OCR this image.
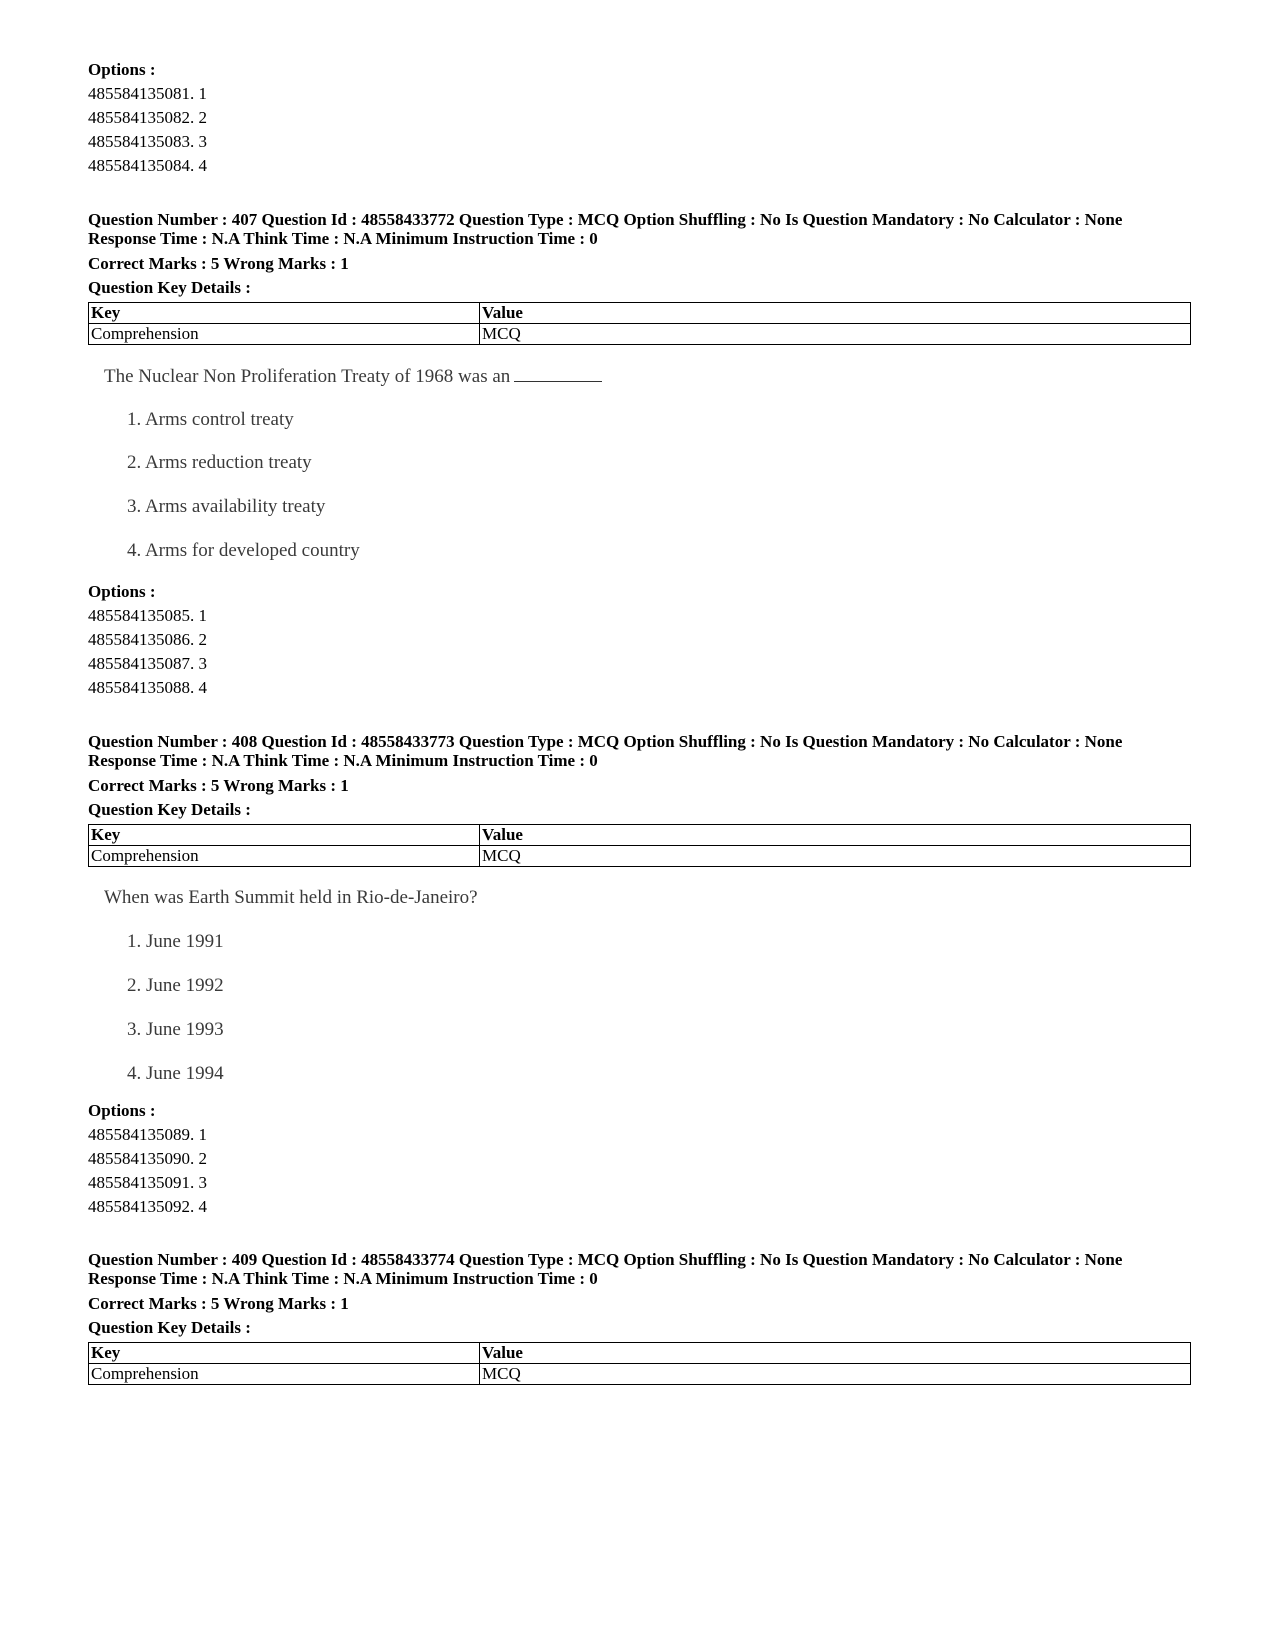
Options :
485584135081. 1
485584135082. 2
485584135083. 3
485584135084. 4
Question Number : 407 Question Id : 48558433772 Question Type : MCQ Option Shuffling : No Is Question Mandatory : No Calculator : None
Response Time : N.A Think Time : N.A Minimum Instruction Time : 0
Correct Marks : 5 Wrong Marks : 1
Question Key Details :
Key	Value
Comprehension	MCQ
The Nuclear Non Proliferation Treaty of 1968 was an
1. Arms control treaty
2. Arms reduction treaty
3. Arms availability treaty
4. Arms for developed country
Options :
485584135085. 1
485584135086. 2
485584135087. 3
485584135088. 4
Question Number : 408 Question Id : 48558433773 Question Type : MCQ Option Shuffling : No Is Question Mandatory : No Calculator : None
Response Time : N.A Think Time : N.A Minimum Instruction Time : 0
Correct Marks : 5 Wrong Marks : 1
Question Key Details :
Key	Value
Comprehension	MCQ
When was Earth Summit held in Rio-de-Janeiro?
1. June 1991
2. June 1992
3. June 1993
4. June 1994
Options :
485584135089. 1
485584135090. 2
485584135091. 3
485584135092. 4
Question Number : 409 Question Id : 48558433774 Question Type : MCQ Option Shuffling : No Is Question Mandatory : No Calculator : None
Response Time : N.A Think Time : N.A Minimum Instruction Time : 0
Correct Marks : 5 Wrong Marks : 1
Question Key Details :
Key	Value
Comprehension	MCQ
